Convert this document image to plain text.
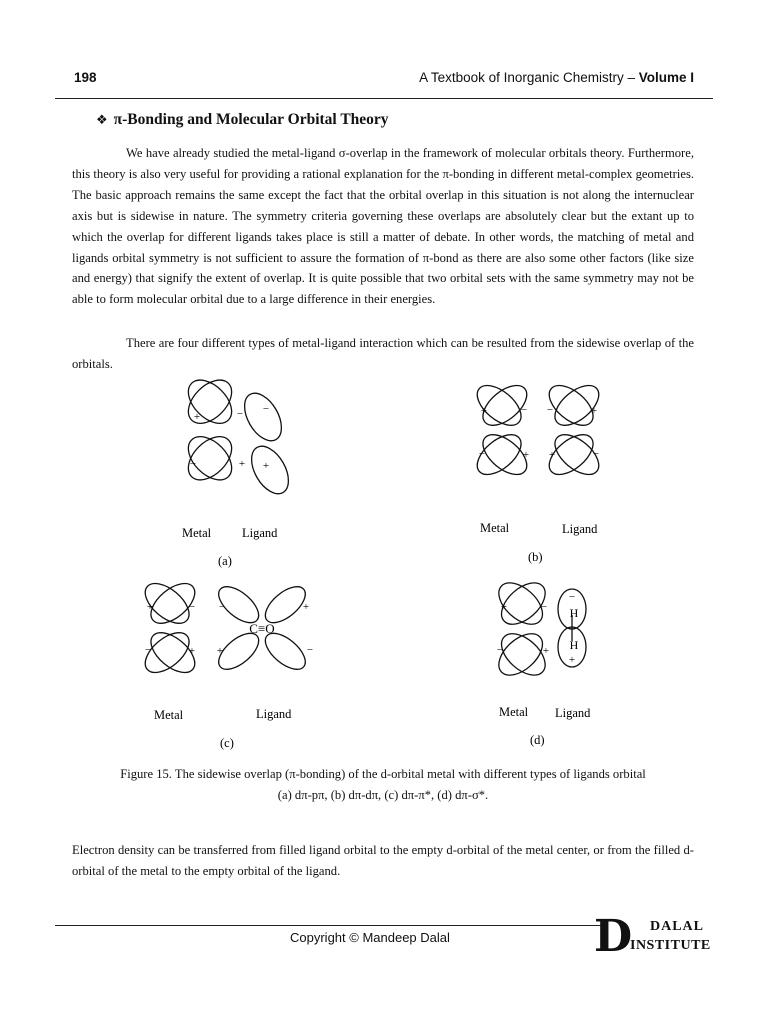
198	A Textbook of Inorganic Chemistry – Volume I
❖ π-Bonding and Molecular Orbital Theory
We have already studied the metal-ligand σ-overlap in the framework of molecular orbitals theory. Furthermore, this theory is also very useful for providing a rational explanation for the π-bonding in different metal-complex geometries. The basic approach remains the same except the fact that the orbital overlap in this situation is not along the internuclear axis but is sidewise in nature. The symmetry criteria governing these overlaps are absolutely clear but the extant up to which the overlap for different ligands takes place is still a matter of debate. In other words, the matching of metal and ligands orbital symmetry is not sufficient to assure the formation of π-bond as there are also some other factors (like size and energy) that signify the extent of overlap. It is quite possible that two orbital sets with the same symmetry may not be able to form molecular orbital due to a large difference in their energies.
There are four different types of metal-ligand interaction which can be resulted from the sidewise overlap of the orbitals.
+	− −
−	+ +
Metal Ligand
(a)
+	− −	+
−	+ +	−
Metal	Ligand
(b)
+	− −	+
−	+ +	−
C≡O
Metal	Ligand
(c)
+	−
−
−	+
+
H
H
Metal Ligand
(d)
Figure 15. The sidewise overlap (π-bonding) of the d-orbital metal with different types of ligands orbital
(a) dπ-pπ, (b) dπ-dπ, (c) dπ-π*, (d) dπ-σ*.
Electron density can be transferred from filled ligand orbital to the empty d-orbital of the metal center, or from the filled d-orbital of the metal to the empty orbital of the ligand.
Copyright © Mandeep Dalal	D DALAL
INSTITUTE
